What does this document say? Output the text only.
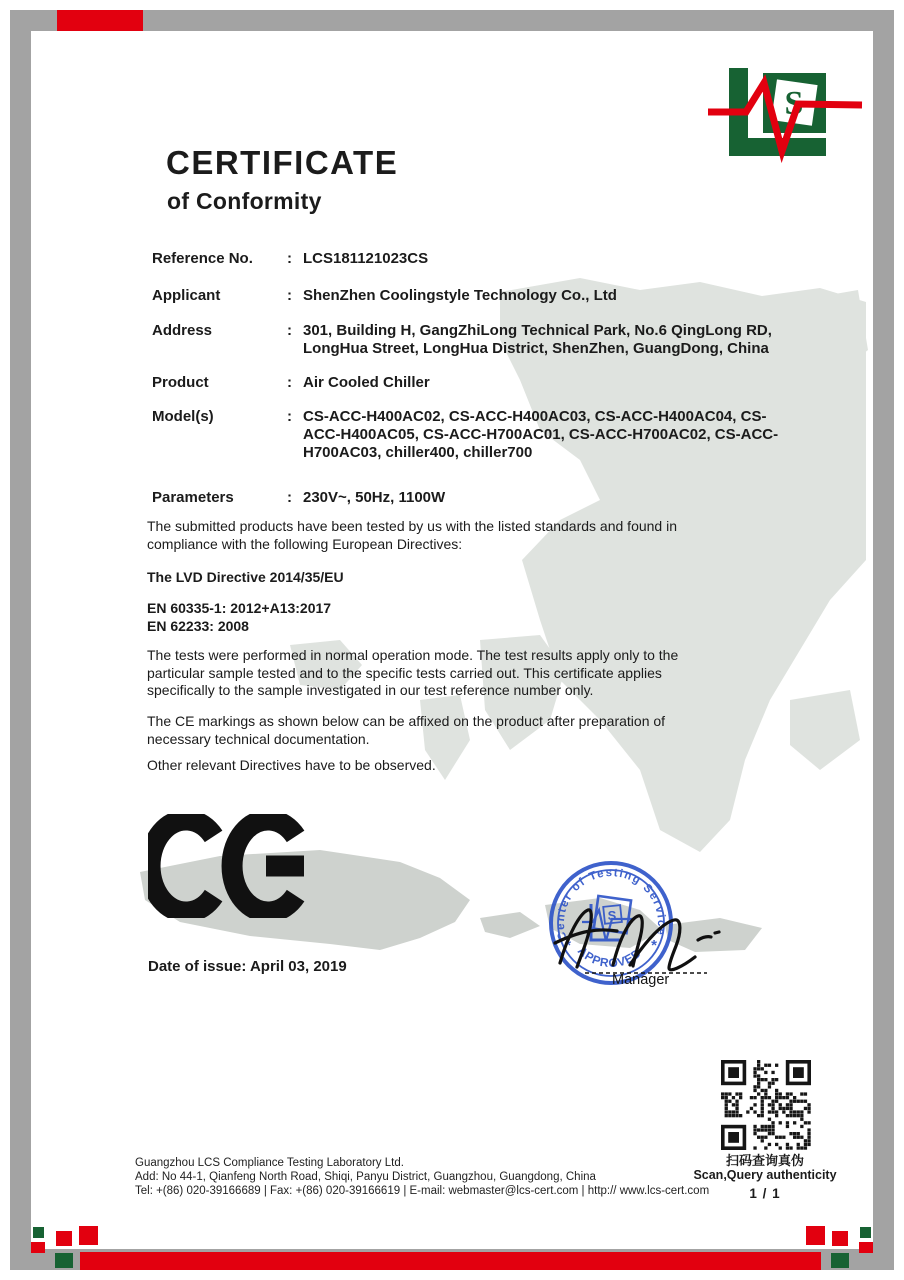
S
CERTIFICATE
of Conformity
Reference No.	: LCS181121023CS
Applicant	: ShenZhen Coolingstyle Technology Co., Ltd
Address	: 301, Building H, GangZhiLong Technical Park, No.6 QingLong RD,
LongHua Street, LongHua District, ShenZhen, GuangDong, China
Product	: Air Cooled Chiller
Model(s)	: CS-ACC-H400AC02, CS-ACC-H400AC03, CS-ACC-H400AC04, CS-
ACC-H400AC05, CS-ACC-H700AC01, CS-ACC-H700AC02, CS-ACC-
H700AC03, chiller400, chiller700
Parameters	: 230V~, 50Hz, 1100W
The submitted products have been tested by us with the listed standards and found in
compliance with the following European Directives:
The LVD Directive 2014/35/EU
EN 60335-1: 2012+A13:2017
EN 62233: 2008
The tests were performed in normal operation mode. The test results apply only to the
particular sample tested and to the specific tests carried out. This certificate applies
specifically to the sample investigated in our test reference number only.
The CE markings as shown below can be affixed on the product after preparation of
necessary technical documentation.
Other relevant Directives have to be observed.
Date of issue: April 03, 2019
Center of Testing Service
APPROVED
*	*
S
Manager
扫码查询真伪
Scan,Query authenticity
1 / 1
Guangzhou LCS Compliance Testing Laboratory Ltd.
Add: No 44-1, Qianfeng North Road, Shiqi, Panyu District, Guangzhou, Guangdong, China
Tel: +(86) 020-39166689 | Fax: +(86) 020-39166619 | E-mail: webmaster@lcs-cert.com | http:// www.lcs-cert.com
